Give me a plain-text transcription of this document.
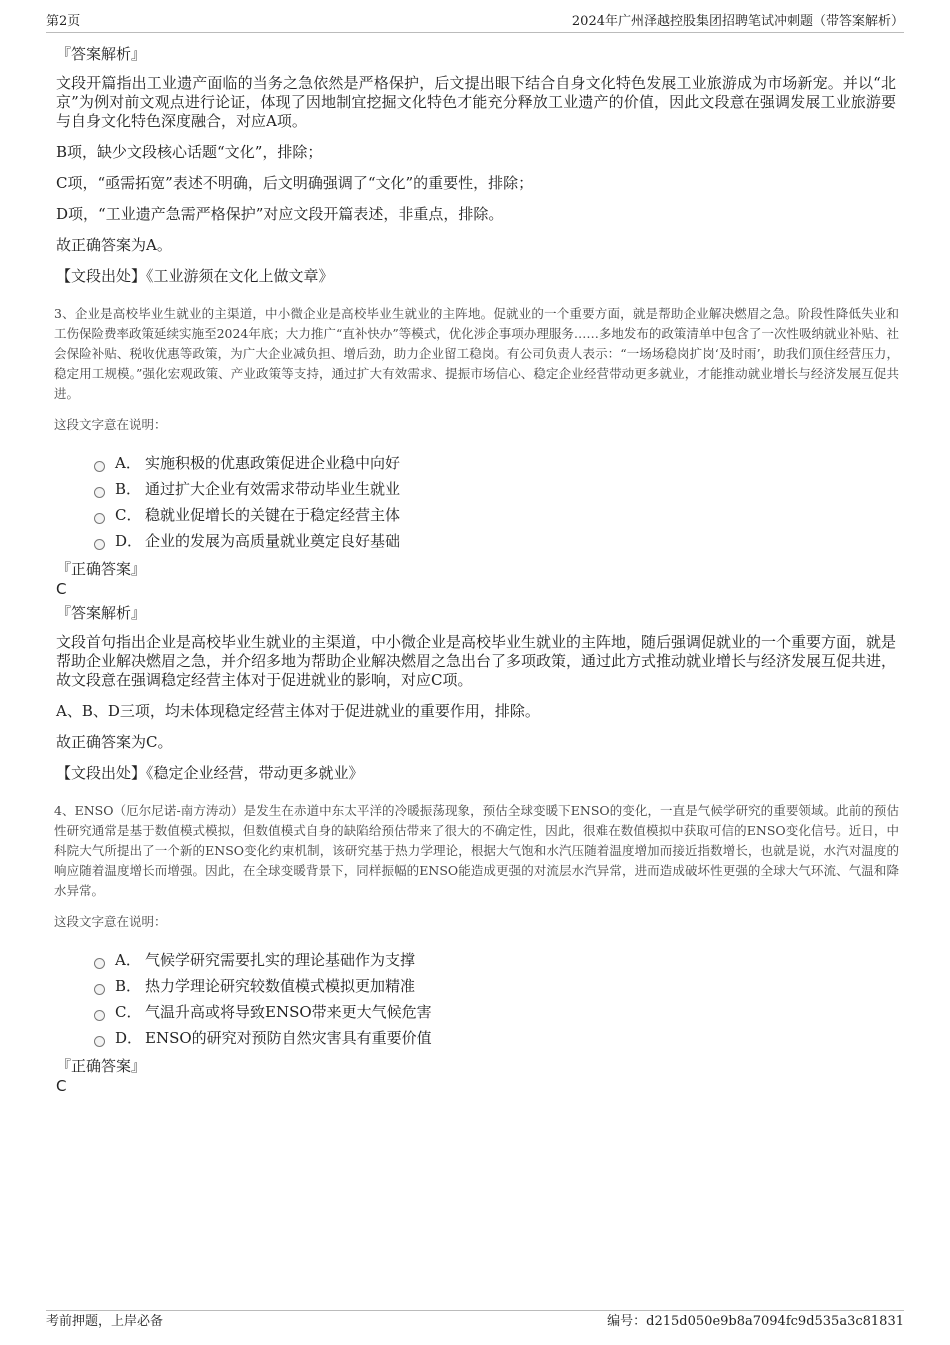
第2页	2024年广州泽越控股集团招聘笔试冲刺题（带答案解析）

『答案解析』

文段开篇指出工业遗产面临的当务之急依然是严格保护，后文提出眼下结合自身文化特色发展工业旅游成为市场新宠。并以“北京”为例对前文观点进行论证，体现了因地制宜挖掘文化特色才能充分释放工业遗产的价值，因此文段意在强调发展工业旅游要与自身文化特色深度融合，对应A项。

B项，缺少文段核心话题“文化”，排除；

C项，“亟需拓宽”表述不明确，后文明确强调了“文化”的重要性，排除；

D项，“工业遗产急需严格保护”对应文段开篇表述，非重点，排除。

故正确答案为A。

【文段出处】《工业游须在文化上做文章》

3、企业是高校毕业生就业的主渠道，中小微企业是高校毕业生就业的主阵地。促就业的一个重要方面，就是帮助企业解决燃眉之急。阶段性降低失业和工伤保险费率政策延续实施至2024年底；大力推广“直补快办”等模式，优化涉企事项办理服务……多地发布的政策清单中包含了一次性吸纳就业补贴、社会保险补贴、税收优惠等政策，为广大企业减负担、增后劲，助力企业留工稳岗。有公司负责人表示：“一场场稳岗扩岗‘及时雨’，助我们顶住经营压力，稳定用工规模。”强化宏观政策、产业政策等支持，通过扩大有效需求、提振市场信心、稳定企业经营带动更多就业，才能推动就业增长与经济发展互促共进。

这段文字意在说明：

A． 实施积极的优惠政策促进企业稳中向好
B． 通过扩大企业有效需求带动毕业生就业
C． 稳就业促增长的关键在于稳定经营主体
D． 企业的发展为高质量就业奠定良好基础

『正确答案』

C

『答案解析』

文段首句指出企业是高校毕业生就业的主渠道，中小微企业是高校毕业生就业的主阵地，随后强调促就业的一个重要方面，就是帮助企业解决燃眉之急，并介绍多地为帮助企业解决燃眉之急出台了多项政策，通过此方式推动就业增长与经济发展互促共进，故文段意在强调稳定经营主体对于促进就业的影响，对应C项。

A、B、D三项，均未体现稳定经营主体对于促进就业的重要作用，排除。

故正确答案为C。

【文段出处】《稳定企业经营，带动更多就业》

4、ENSO（厄尔尼诺-南方涛动）是发生在赤道中东太平洋的冷暖振荡现象，预估全球变暖下ENSO的变化，一直是气候学研究的重要领域。此前的预估性研究通常是基于数值模式模拟，但数值模式自身的缺陷给预估带来了很大的不确定性，因此，很难在数值模拟中获取可信的ENSO变化信号。近日，中科院大气所提出了一个新的ENSO变化约束机制，该研究基于热力学理论，根据大气饱和水汽压随着温度增加而接近指数增长，也就是说，水汽对温度的响应随着温度增长而增强。因此，在全球变暖背景下，同样振幅的ENSO能造成更强的对流层水汽异常，进而造成破坏性更强的全球大气环流、气温和降水异常。

这段文字意在说明：

A． 气候学研究需要扎实的理论基础作为支撑
B． 热力学理论研究较数值模式模拟更加精准
C． 气温升高或将导致ENSO带来更大气候危害
D． ENSO的研究对预防自然灾害具有重要价值

『正确答案』

C

考前押题，上岸必备	编号：d215d050e9b8a7094fc9d535a3c81831
